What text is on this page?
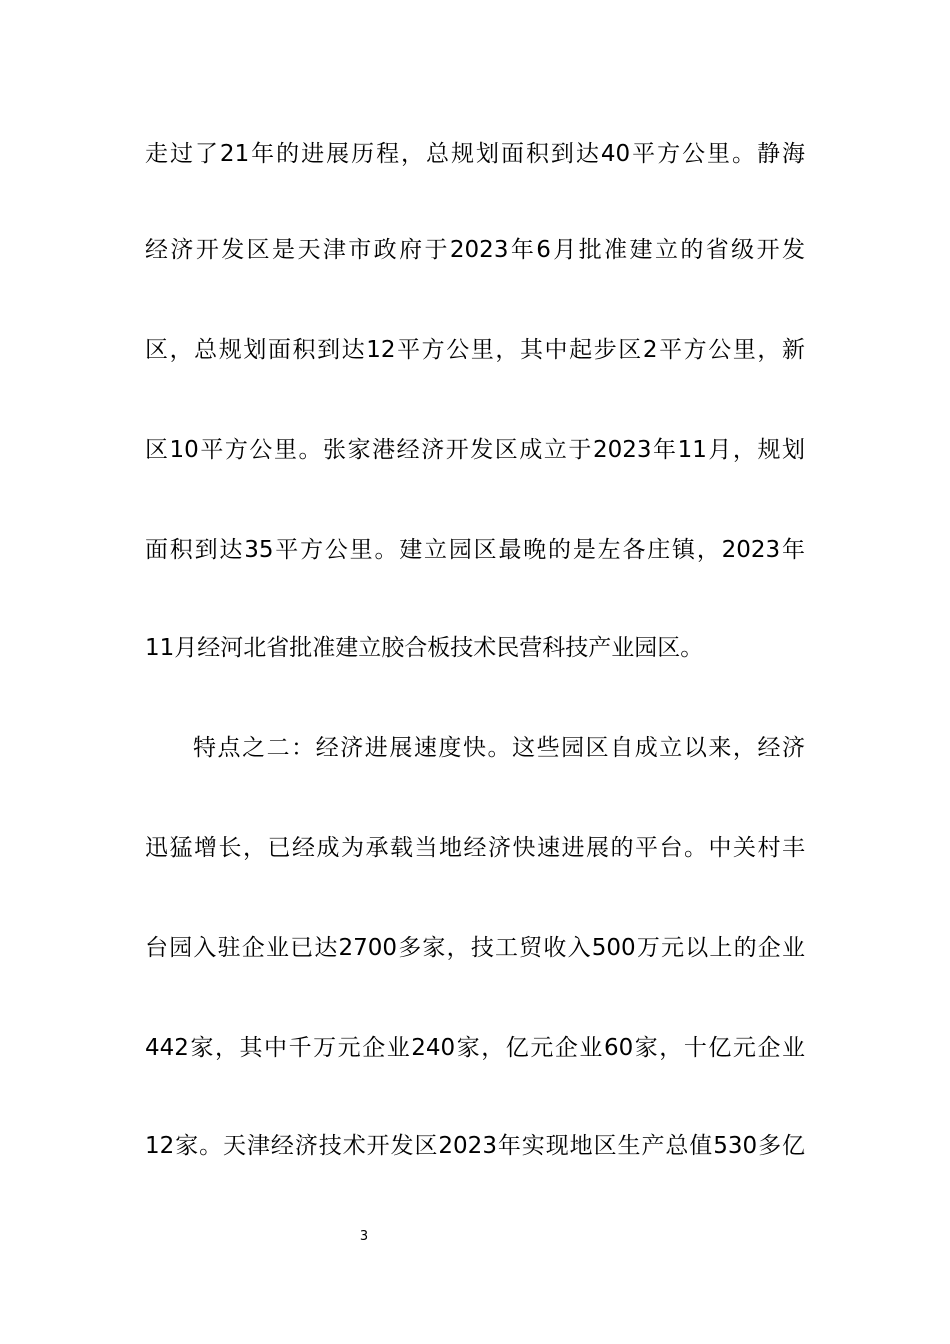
走过了21年的进展历程，总规划面积到达40平方公里。静海
经济开发区是天津市政府于2023年6月批准建立的省级开发
区，总规划面积到达12平方公里，其中起步区2平方公里，新
区10平方公里。张家港经济开发区成立于2023年11月，规划
面积到达35平方公里。建立园区最晚的是左各庄镇，2023年
11月经河北省批准建立胶合板技术民营科技产业园区。
特点之二：经济进展速度快。这些园区自成立以来，经济
迅猛增长，已经成为承载当地经济快速进展的平台。中关村丰
台园入驻企业已达2700多家，技工贸收入500万元以上的企业
442家，其中千万元企业240家，亿元企业60家，十亿元企业
12家。天津经济技术开发区2023年实现地区生产总值530多亿
3
